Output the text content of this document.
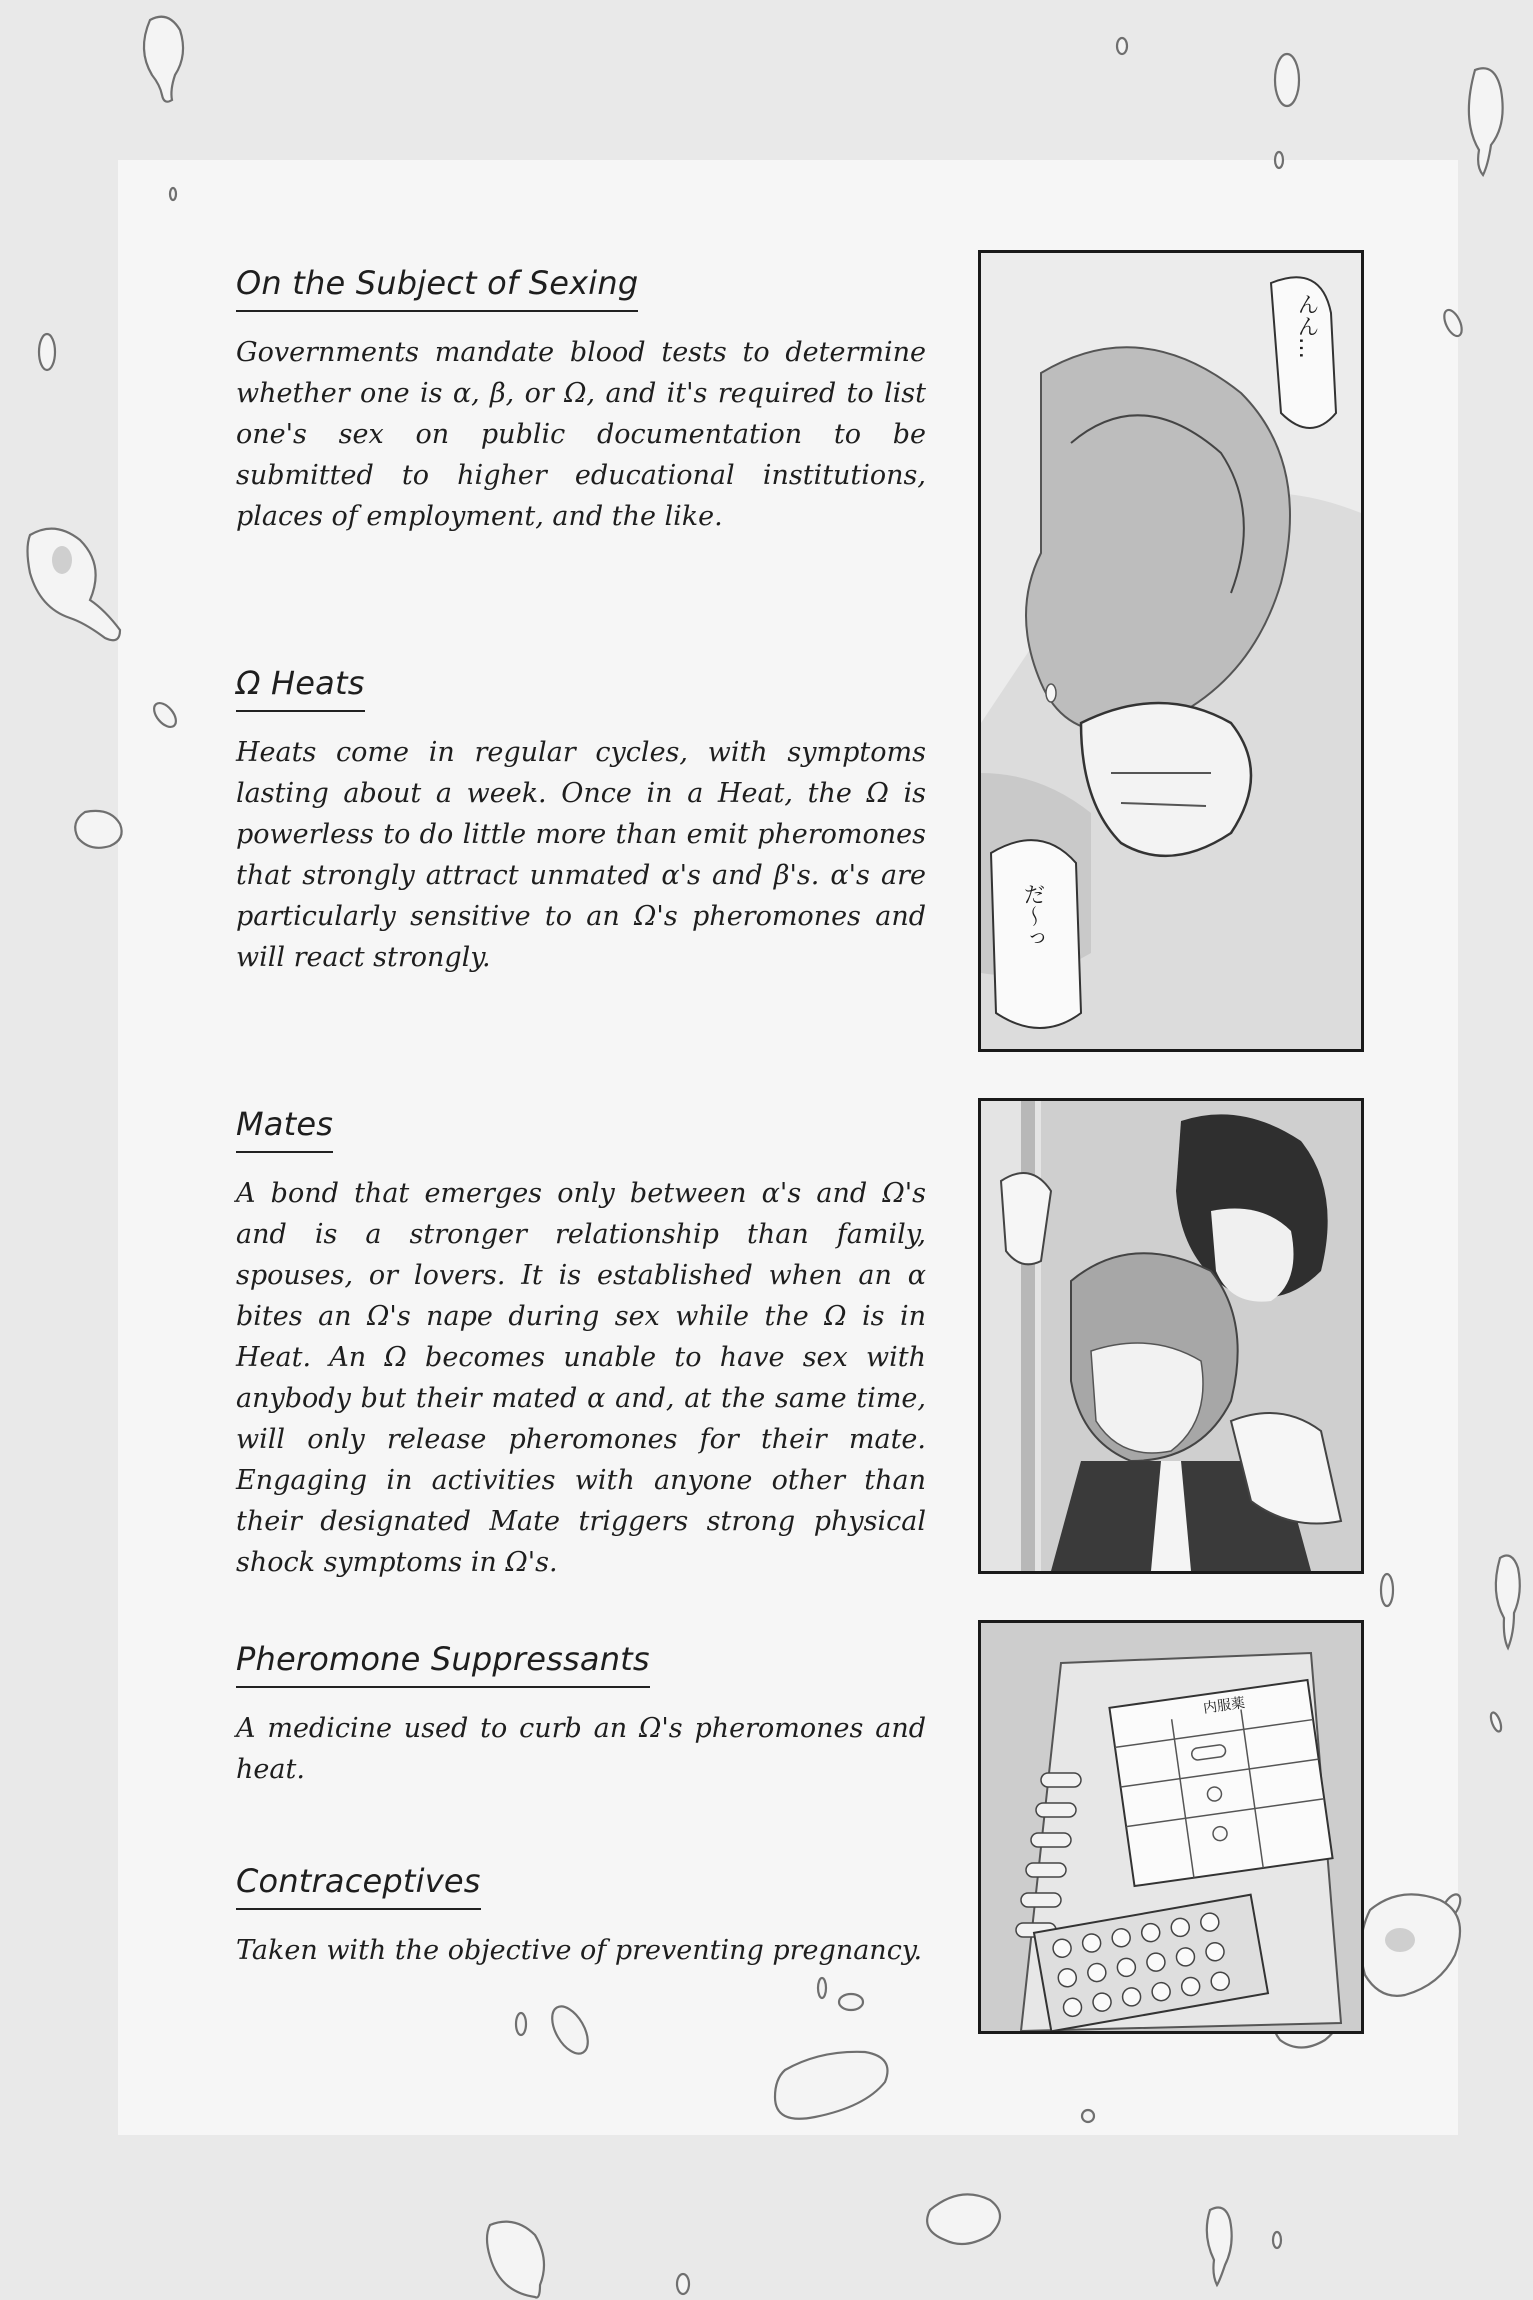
On the Subject of Sexing

Governments mandate blood tests to determine whether one is α, β, or Ω, and it's required to list one's sex on public documentation to be submitted to higher educational institutions, places of employment, and the like.

Ω Heats

Heats come in regular cycles, with symptoms lasting about a week. Once in a Heat, the Ω is powerless to do little more than emit pheromones that strongly attract unmated α's and β's. α's are particularly sensitive to an Ω's pheromones and will react strongly.

Mates

A bond that emerges only between α's and Ω's and is a stronger relationship than family, spouses, or lovers. It is established when an α bites an Ω's nape during sex while the Ω is in Heat. An Ω becomes unable to have sex with anybody but their mated α and, at the same time, will only release pheromones for their mate. Engaging in activities with anyone other than their designated Mate triggers strong physical shock symptoms in Ω's.

Pheromone Suppressants

A medicine used to curb an Ω's pheromones and heat.

Contraceptives

Taken with the objective of preventing pregnancy.

んん…
だ〜っ
内服薬
